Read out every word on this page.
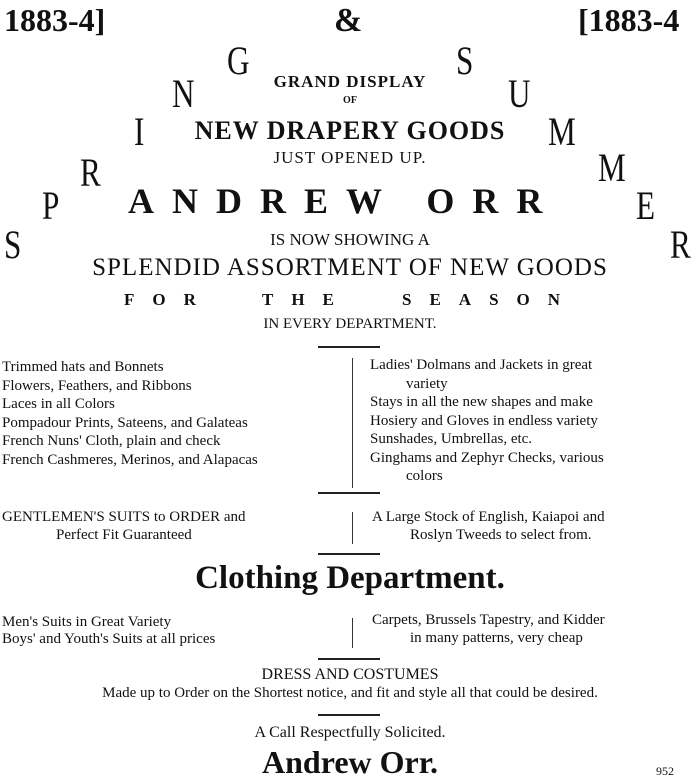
1883-4]	&	[1883-4
S
P
R
I
N
G	S
U
M
M
E
R
GRAND DISPLAY
OF
NEW DRAPERY GOODS
JUST OPENED UP.
ANDREW ORR
IS NOW SHOWING A
SPLENDID ASSORTMENT OF NEW GOODS
FOR	THE	SEASON
IN EVERY DEPARTMENT.
Trimmed hats and Bonnets
Flowers, Feathers, and Ribbons
Laces in all Colors
Pompadour Prints, Sateens, and Galateas
French Nuns' Cloth, plain and check
French Cashmeres, Merinos, and Alapacas
Ladies' Dolmans and Jackets in great
variety
Stays in all the new shapes and make
Hosiery and Gloves in endless variety
Sunshades, Umbrellas, etc.
Ginghams and Zephyr Checks, various
colors
GENTLEMEN'S SUITS to ORDER and
Perfect Fit Guaranteed
A Large Stock of English, Kaiapoi and
Roslyn Tweeds to select from.
Clothing Department.
Men's Suits in Great Variety
Boys' and Youth's Suits at all prices
Carpets, Brussels Tapestry, and Kidder
in many patterns, very cheap
DRESS AND COSTUMES
Made up to Order on the Shortest notice, and fit and style all that could be desired.
A Call Respectfully Solicited.
Andrew Orr.	952
